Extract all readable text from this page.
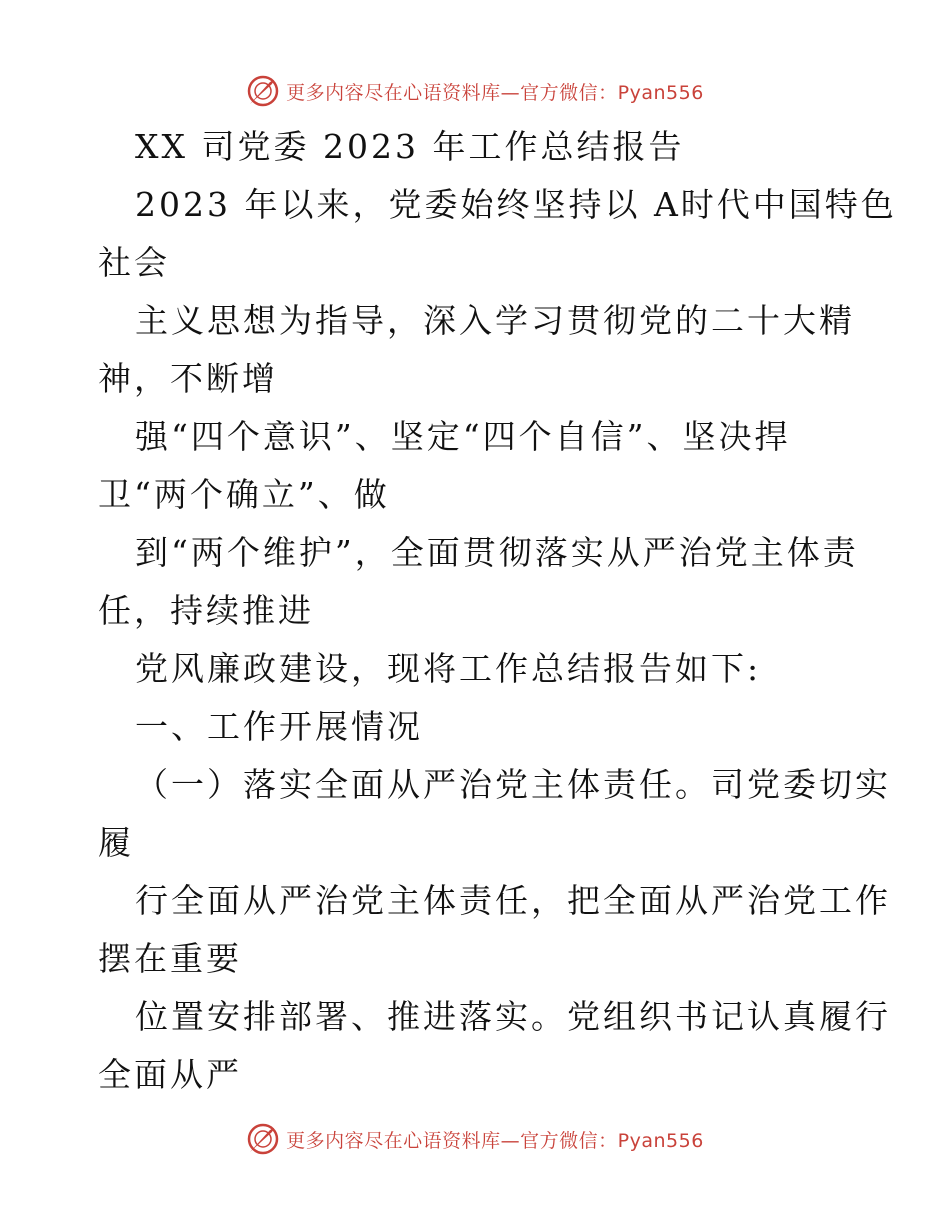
更多内容尽在心语资料库—官方微信：Pyan556
XX 司党委 2023 年工作总结报告
2023 年以来，党委始终坚持以 A时代中国特色
社会
主义思想为指导，深入学习贯彻党的二十大精
神，不断增
强“四个意识”、坚定“四个自信”、坚决捍
卫“两个确立”、做
到“两个维护”，全面贯彻落实从严治党主体责
任，持续推进
党风廉政建设，现将工作总结报告如下:
一、工作开展情况
（一）落实全面从严治党主体责任。司党委切实
履
行全面从严治党主体责任，把全面从严治党工作
摆在重要
位置安排部署、推进落实。党组织书记认真履行
全面从严
更多内容尽在心语资料库—官方微信：Pyan556
